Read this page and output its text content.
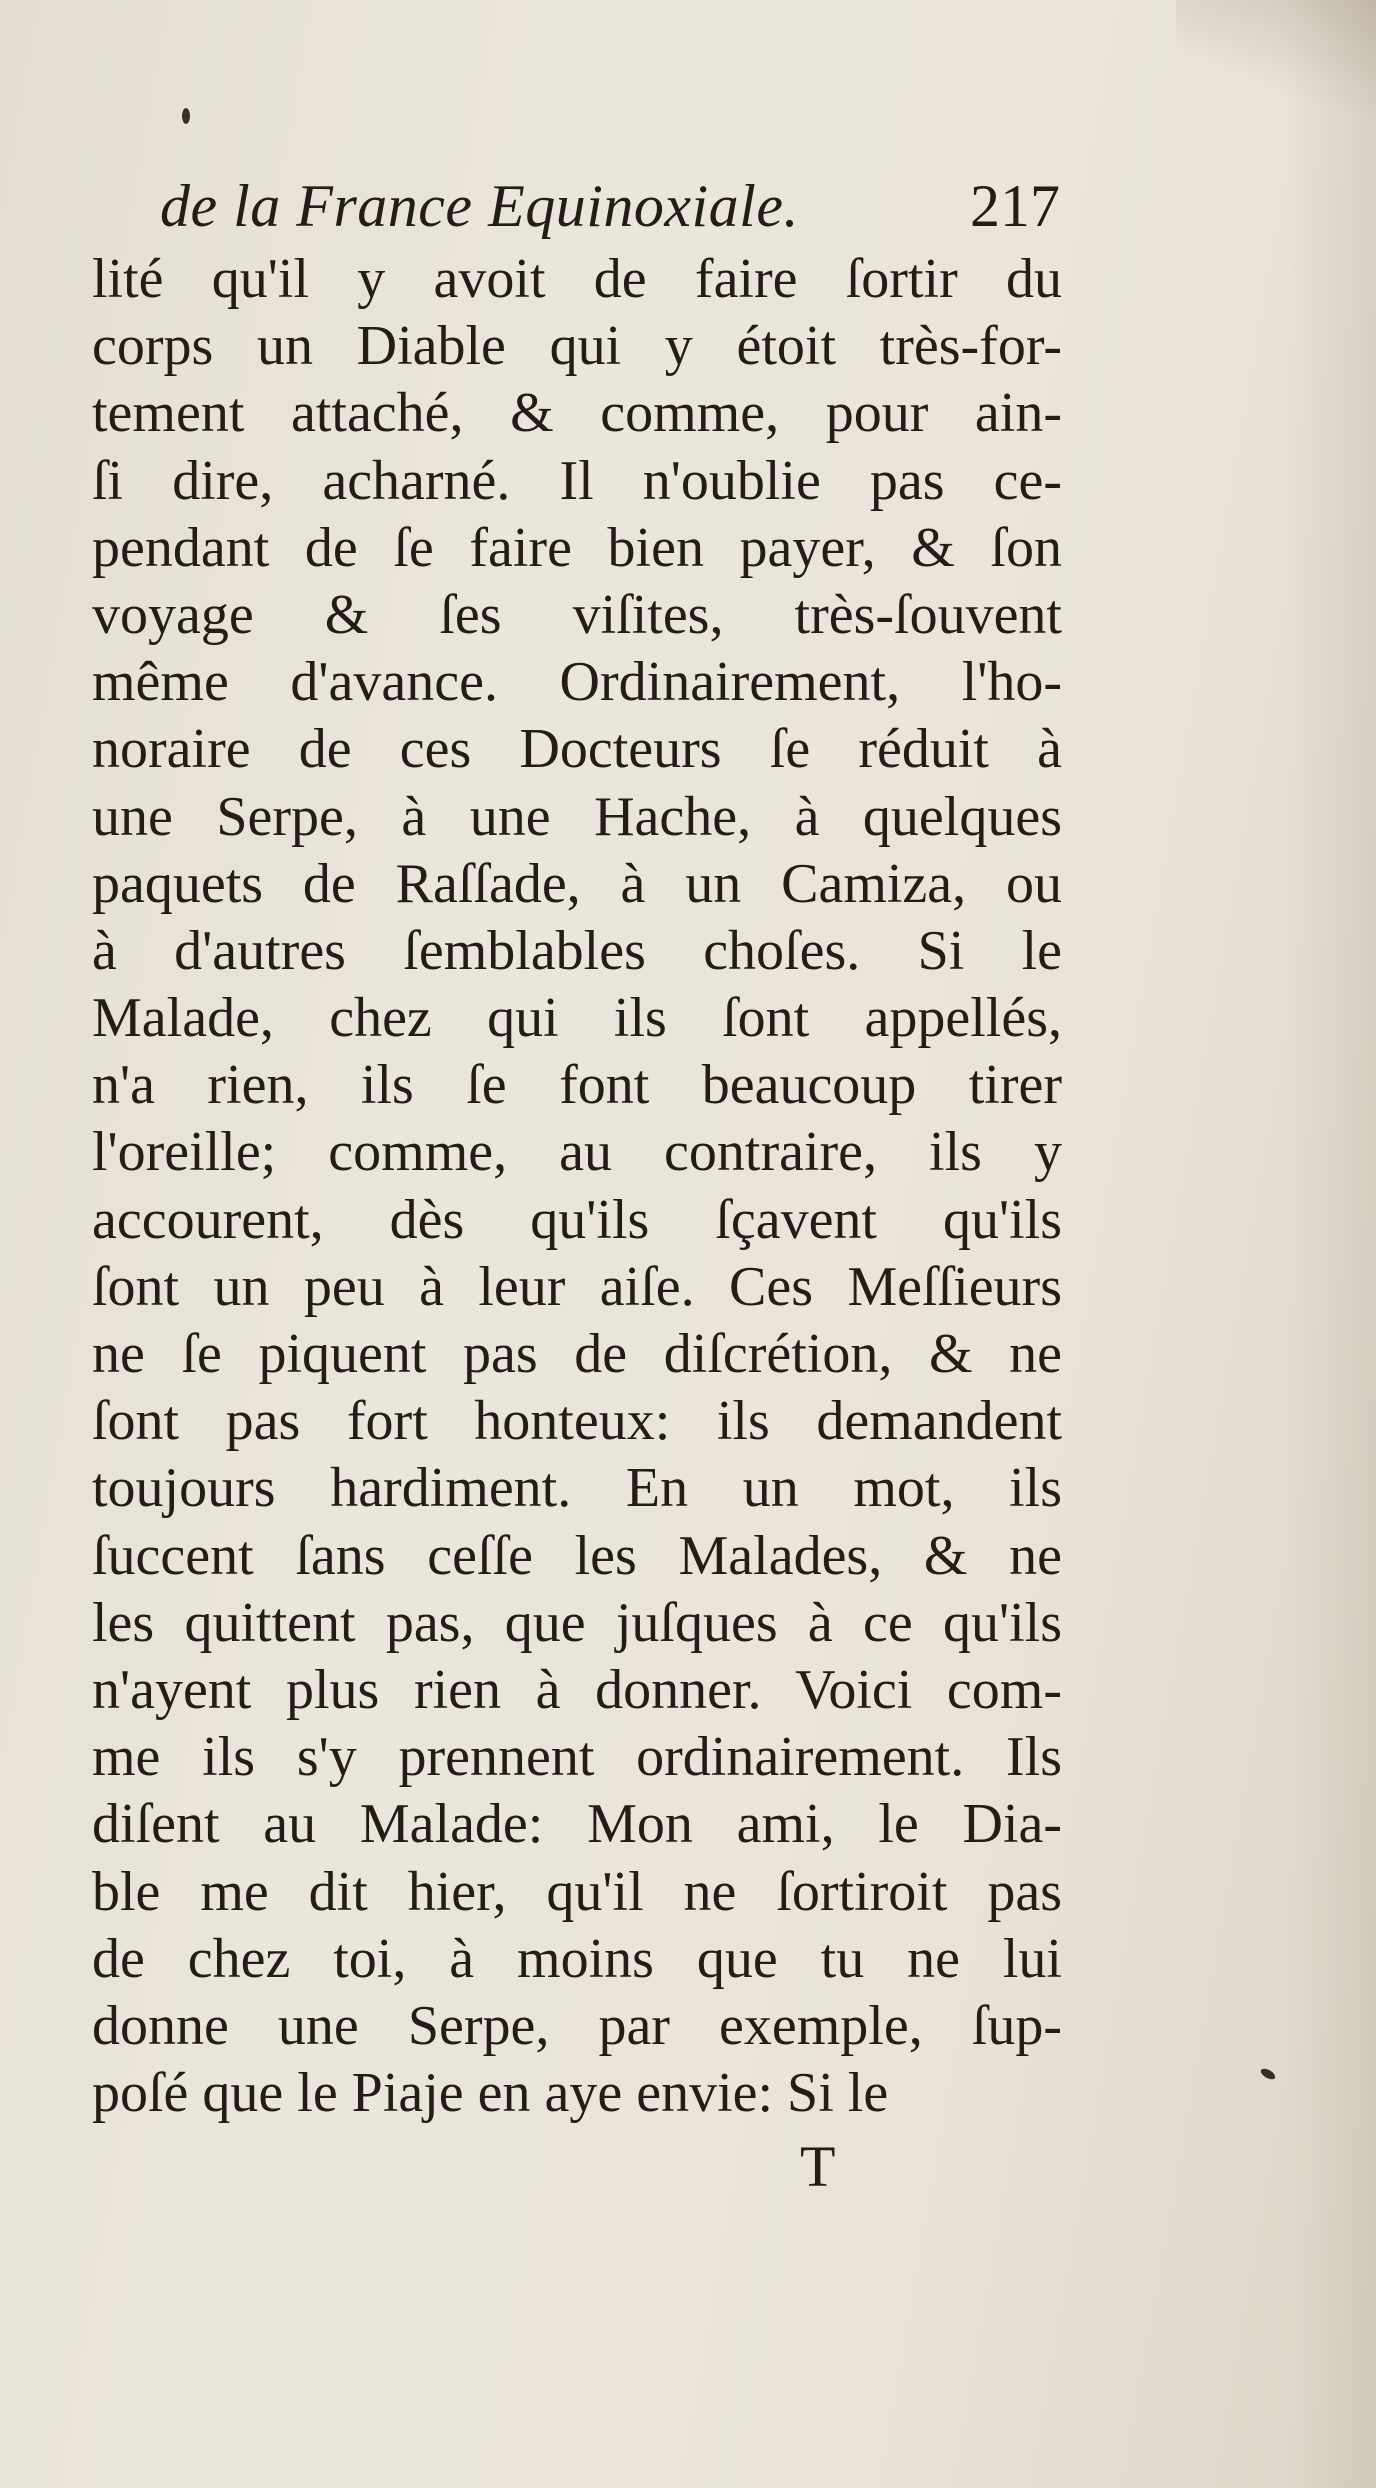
de la France Equinoxiale.	217
lité qu'il y avoit de faire ſortir du
corps un Diable qui y étoit très-for-
tement attaché, & comme, pour ain-
ſi dire, acharné. Il n'oublie pas ce-
pendant de ſe faire bien payer, & ſon
voyage & ſes viſites, très-ſouvent
même d'avance. Ordinairement, l'ho-
noraire de ces Docteurs ſe réduit à
une Serpe, à une Hache, à quelques
paquets de Raſſade, à un Camiza, ou
à d'autres ſemblables choſes. Si le
Malade, chez qui ils ſont appellés,
n'a rien, ils ſe font beaucoup tirer
l'oreille; comme, au contraire, ils y
accourent, dès qu'ils ſçavent qu'ils
ſont un peu à leur aiſe. Ces Meſſieurs
ne ſe piquent pas de diſcrétion, & ne
ſont pas fort honteux: ils demandent
toujours hardiment. En un mot, ils
ſuccent ſans ceſſe les Malades, & ne
les quittent pas, que juſques à ce qu'ils
n'ayent plus rien à donner. Voici com-
me ils s'y prennent ordinairement. Ils
diſent au Malade: Mon ami, le Dia-
ble me dit hier, qu'il ne ſortiroit pas
de chez toi, à moins que tu ne lui
donne une Serpe, par exemple, ſup-
poſé que le Piaje en aye envie: Si le
T
